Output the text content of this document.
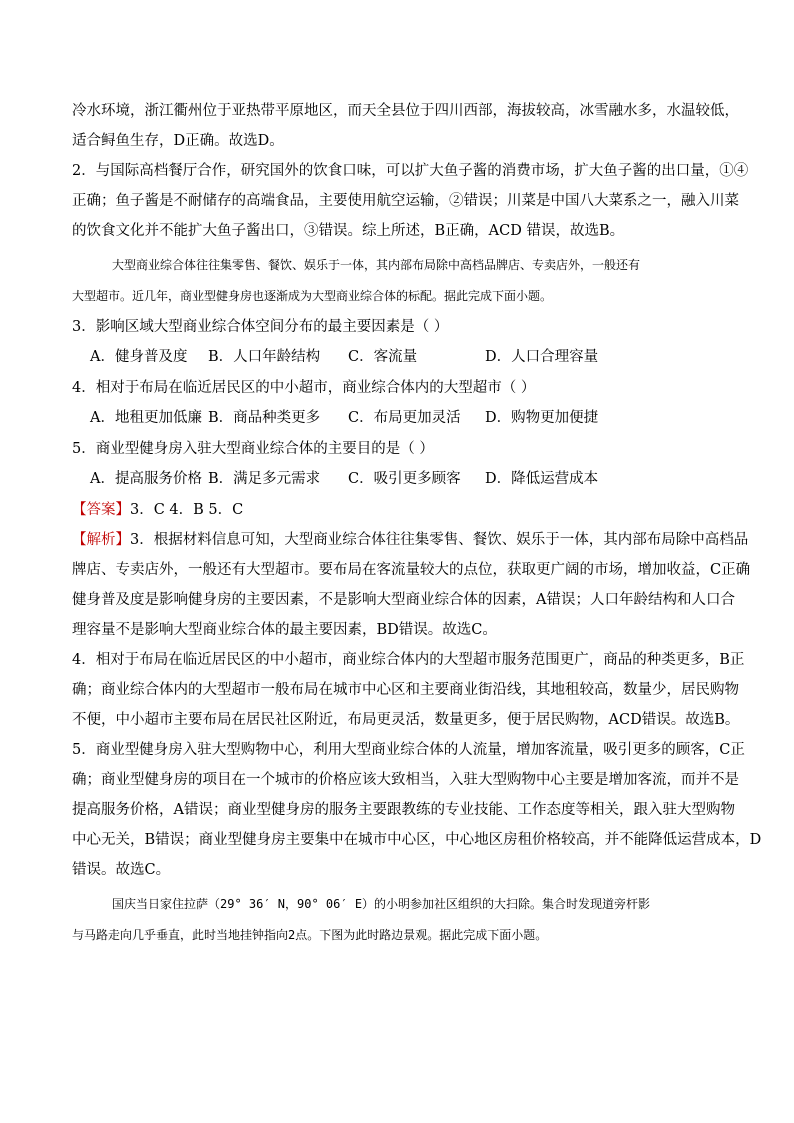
冷水环境，浙江衢州位于亚热带平原地区，而天全县位于四川西部，海拔较高，冰雪融水多，水温较低，
适合鲟鱼生存，D正确。故选D。
2．与国际高档餐厅合作，研究国外的饮食口味，可以扩大鱼子酱的消费市场，扩大鱼子酱的出口量，①④
正确；鱼子酱是不耐储存的高端食品，主要使用航空运输，②错误；川菜是中国八大菜系之一，融入川菜
的饮食文化并不能扩大鱼子酱出口，③错误。综上所述，B正确，ACD 错误，故选B。
大型商业综合体往往集零售、餐饮、娱乐于一体，其内部布局除中高档品牌店、专卖店外，一般还有
大型超市。近几年，商业型健身房也逐渐成为大型商业综合体的标配。据此完成下面小题。
3．影响区域大型商业综合体空间分布的最主要因素是（ ）
A．健身普及度	B．人口年龄结构	C．客流量	D．人口合理容量
4．相对于布局在临近居民区的中小超市，商业综合体内的大型超市（ ）
A．地租更加低廉 B．商品种类更多	C．布局更加灵活	D．购物更加便捷
5．商业型健身房入驻大型商业综合体的主要目的是（ ）
A．提高服务价格 B．满足多元需求	C．吸引更多顾客	D．降低运营成本
【答案】3．C 4．B 5．C
【解析】3．根据材料信息可知，大型商业综合体往往集零售、餐饮、娱乐于一体，其内部布局除中高档品
牌店、专卖店外，一般还有大型超市。要布局在客流量较大的点位，获取更广阔的市场，增加收益，C正确
健身普及度是影响健身房的主要因素，不是影响大型商业综合体的因素，A错误；人口年龄结构和人口合
理容量不是影响大型商业综合体的最主要因素，BD错误。故选C。
4．相对于布局在临近居民区的中小超市，商业综合体内的大型超市服务范围更广，商品的种类更多，B正
确；商业综合体内的大型超市一般布局在城市中心区和主要商业街沿线，其地租较高，数量少，居民购物
不便，中小超市主要布局在居民社区附近，布局更灵活，数量更多，便于居民购物，ACD错误。故选B。
5．商业型健身房入驻大型购物中心，利用大型商业综合体的人流量，增加客流量，吸引更多的顾客，C正
确；商业型健身房的项目在一个城市的价格应该大致相当，入驻大型购物中心主要是增加客流，而并不是
提高服务价格，A错误；商业型健身房的服务主要跟教练的专业技能、工作态度等相关，跟入驻大型购物
中心无关，B错误；商业型健身房主要集中在城市中心区，中心地区房租价格较高，并不能降低运营成本，D
错误。故选C。
国庆当日家住拉萨（29° 36′ N，90° 06′ E）的小明参加社区组织的大扫除。集合时发现道旁杆影
与马路走向几乎垂直，此时当地挂钟指向2点。下图为此时路边景观。据此完成下面小题。
